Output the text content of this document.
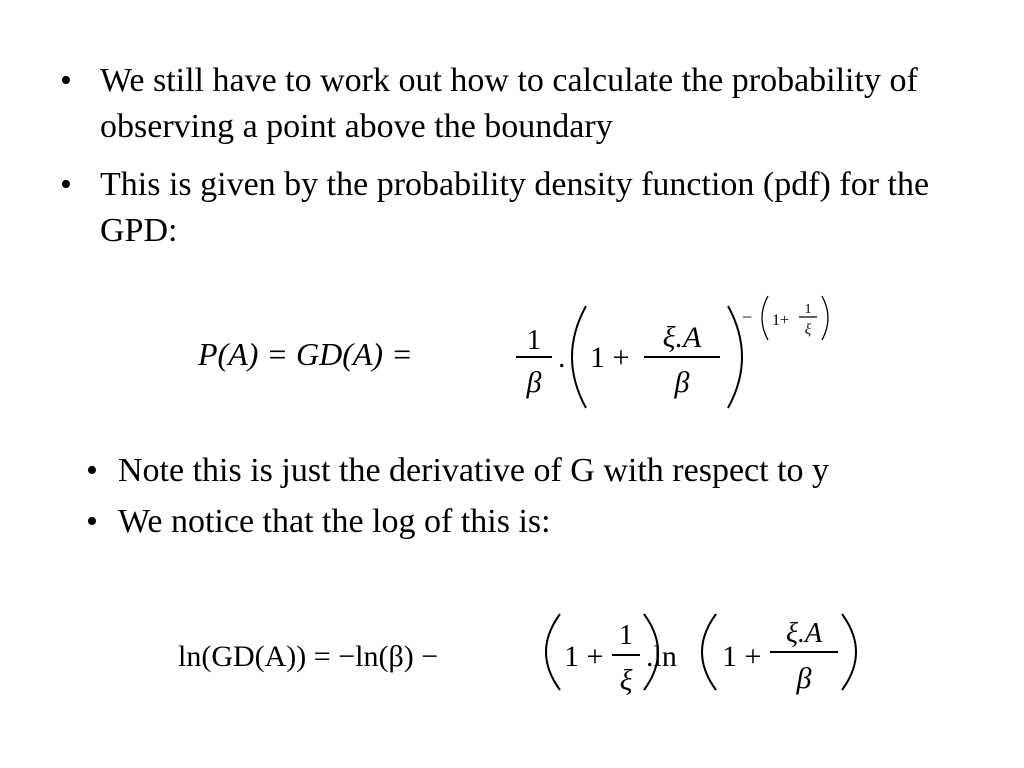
• We still have to work out how to calculate the probability of observing a point above the boundary
• This is given by the probability density function (pdf) for the GPD:
P(A) = GD(A) =	1
β
. 1 +
ξ.A
β
− 1+
1
ξ
• Note this is just the derivative of G with respect to y
• We notice that the log of this is:
ln(GD(A)) = −ln(β) −	1 +
1
ξ
.ln 1 +
ξ.A
β
